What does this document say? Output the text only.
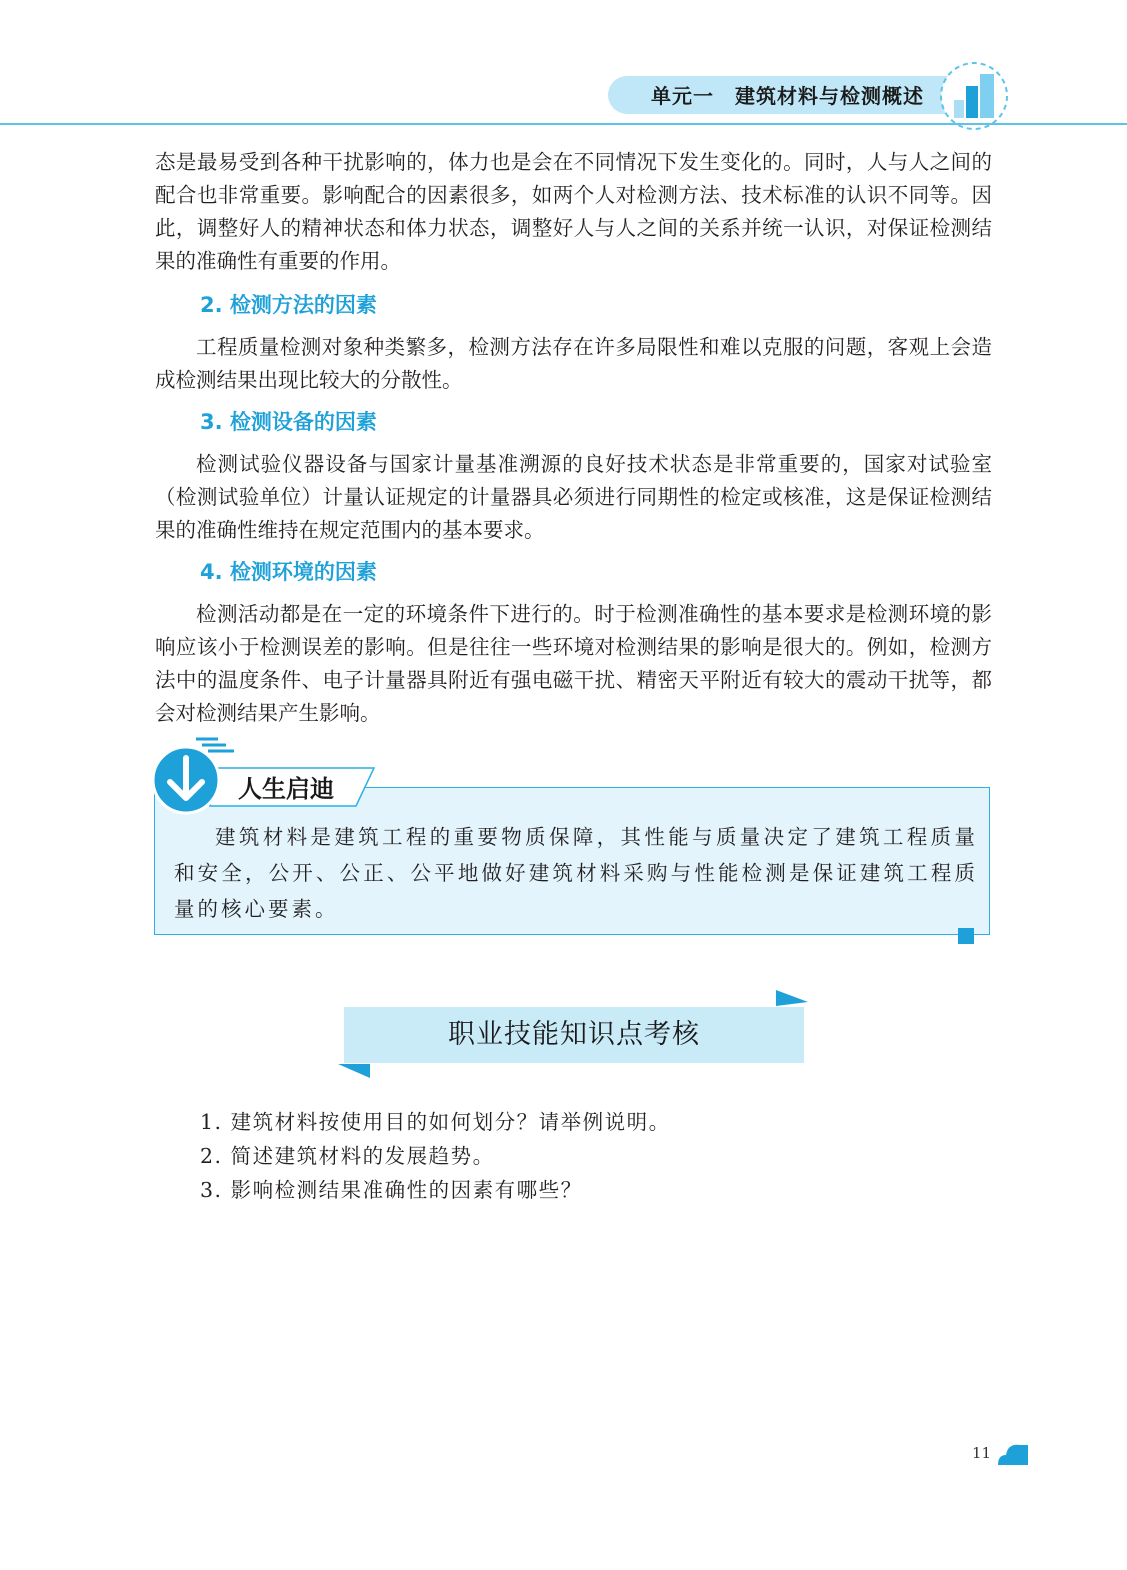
单元一　建筑材料与检测概述

态是最易受到各种干扰影响的，体力也是会在不同情况下发生变化的。同时，人与人之间的配合也非常重要。影响配合的因素很多，如两个人对检测方法、技术标准的认识不同等。因此，调整好人的精神状态和体力状态，调整好人与人之间的关系并统一认识，对保证检测结果的准确性有重要的作用。

2. 检测方法的因素

工程质量检测对象种类繁多，检测方法存在许多局限性和难以克服的问题，客观上会造成检测结果出现比较大的分散性。

3. 检测设备的因素

检测试验仪器设备与国家计量基准溯源的良好技术状态是非常重要的，国家对试验室（检测试验单位）计量认证规定的计量器具必须进行同期性的检定或核准，这是保证检测结果的准确性维持在规定范围内的基本要求。

4. 检测环境的因素

检测活动都是在一定的环境条件下进行的。时于检测准确性的基本要求是检测环境的影响应该小于检测误差的影响。但是往往一些环境对检测结果的影响是很大的。例如，检测方法中的温度条件、电子计量器具附近有强电磁干扰、精密天平附近有较大的震动干扰等，都会对检测结果产生影响。

人生启迪

建筑材料是建筑工程的重要物质保障，其性能与质量决定了建筑工程质量和安全，公开、公正、公平地做好建筑材料采购与性能检测是保证建筑工程质量的核心要素。

职业技能知识点考核
1. 建筑材料按使用目的如何划分？请举例说明。
2. 简述建筑材料的发展趋势。
3. 影响检测结果准确性的因素有哪些？
11
